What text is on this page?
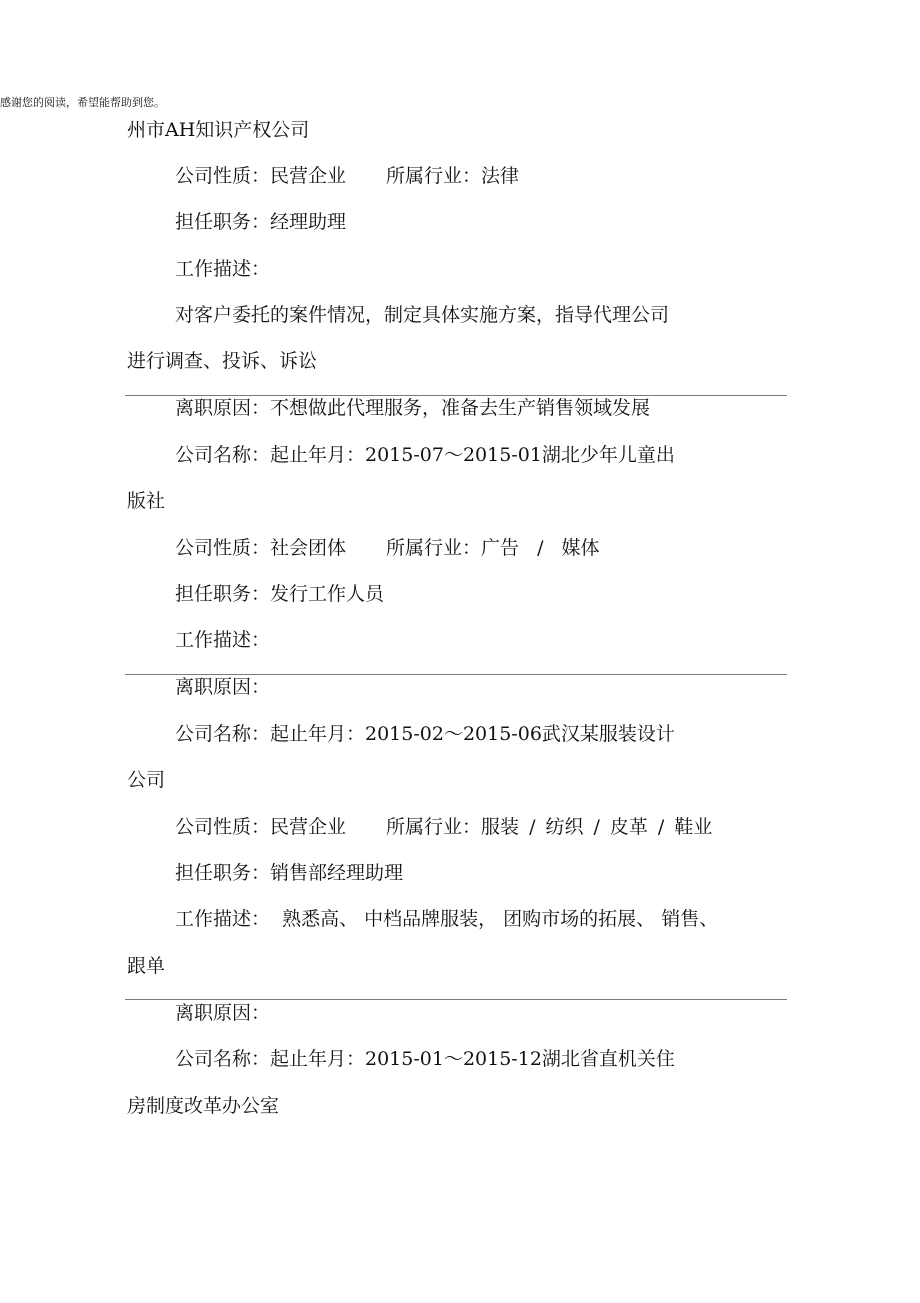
感谢您的阅读，希望能帮助到您。
州市AH知识产权公司
公司性质：民营企业 所属行业：法律
担任职务：经理助理
工作描述：
对客户委托的案件情况，制定具体实施方案，指导代理公司
进行调查、投诉、诉讼
离职原因：不想做此代理服务，准备去生产销售领域发展
公司名称：起止年月：2015-07～2015-01湖北少年儿童出
版社
公司性质：社会团体 所属行业：广告 / 媒体
担任职务：发行工作人员
工作描述：
离职原因：
公司名称：起止年月：2015-02～2015-06武汉某服装设计
公司
公司性质：民营企业 所属行业：服装 / 纺织 / 皮革 / 鞋业
担任职务：销售部经理助理
工作描述：  熟悉高、 中档品牌服装， 团购市场的拓展、 销售、
跟单
离职原因：
公司名称：起止年月：2015-01～2015-12湖北省直机关住
房制度改革办公室
